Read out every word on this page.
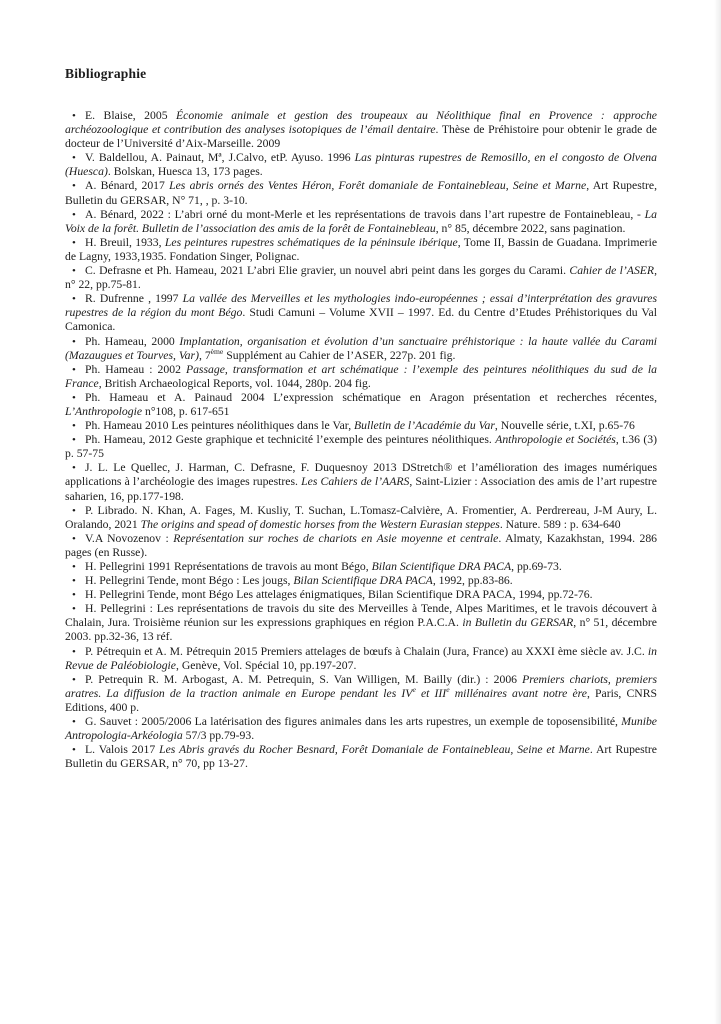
Bibliographie

• E. Blaise, 2005 Économie animale et gestion des troupeaux au Néolithique final en Provence : approche archéozoologique et contribution des analyses isotopiques de l’émail dentaire. Thèse de Préhistoire pour obtenir le grade de docteur de l’Université d’Aix-Marseille. 2009

• V. Baldellou, A. Painaut, Mª, J.Calvo, etP. Ayuso. 1996 Las pinturas rupestres de Remosillo, en el congosto de Olvena (Huesca). Bolskan, Huesca 13, 173 pages.

• A. Bénard, 2017 Les abris ornés des Ventes Héron, Forêt domaniale de Fontainebleau, Seine et Marne, Art Rupestre, Bulletin du GERSAR, N° 71, , p. 3-10.

• A. Bénard, 2022 : L’abri orné du mont-Merle et les représentations de travois dans l’art rupestre de Fontainebleau, - La Voix de la forêt. Bulletin de l’association des amis de la forêt de Fontainebleau, n° 85, décembre 2022, sans pagination.

• H. Breuil, 1933, Les peintures rupestres schématiques de la péninsule ibérique, Tome II, Bassin de Guadana. Imprimerie de Lagny, 1933,1935. Fondation Singer, Polignac.

• C. Defrasne et Ph. Hameau, 2021 L’abri Elie gravier, un nouvel abri peint dans les gorges du Carami. Cahier de l’ASER, n° 22, pp.75-81.

• R. Dufrenne , 1997 La vallée des Merveilles et les mythologies indo-européennes ; essai d’interprétation des gravures rupestres de la région du mont Bégo. Studi Camuni – Volume XVII – 1997. Ed. du Centre d’Etudes Préhistoriques du Val Camonica.

• Ph. Hameau, 2000 Implantation, organisation et évolution d’un sanctuaire préhistorique : la haute vallée du Carami (Mazaugues et Tourves, Var), 7ème Supplément au Cahier de l’ASER, 227p. 201 fig.

• Ph. Hameau : 2002 Passage, transformation et art schématique : l’exemple des peintures néolithiques du sud de la France, British Archaeological Reports, vol. 1044, 280p. 204 fig.

• Ph. Hameau et A. Painaud 2004 L’expression schématique en Aragon présentation et recherches récentes, L’Anthropologie n°108, p. 617-651

• Ph. Hameau 2010 Les peintures néolithiques dans le Var, Bulletin de l’Académie du Var, Nouvelle série, t.XI, p.65-76

• Ph. Hameau, 2012 Geste graphique et technicité l’exemple des peintures néolithiques. Anthropologie et Sociétés, t.36 (3) p. 57-75

• J. L. Le Quellec, J. Harman, C. Defrasne, F. Duquesnoy 2013 DStretch® et l’amélioration des images numériques applications à l’archéologie des images rupestres. Les Cahiers de l’AARS, Saint-Lizier : Association des amis de l’art rupestre saharien, 16, pp.177-198.

• P. Librado. N. Khan, A. Fages, M. Kusliy, T. Suchan, L.Tomasz-Calvière, A. Fromentier, A. Perdrereau, J-M Aury, L. Oralando, 2021 The origins and spead of domestic horses from the Western Eurasian steppes. Nature. 589 : p. 634-640

• V.A Novozenov : Représentation sur roches de chariots en Asie moyenne et centrale. Almaty, Kazakhstan, 1994. 286 pages (en Russe).

• H. Pellegrini 1991 Représentations de travois au mont Bégo, Bilan Scientifique DRA PACA, pp.69-73.

• H. Pellegrini Tende, mont Bégo : Les jougs, Bilan Scientifique DRA PACA, 1992, pp.83-86.

• H. Pellegrini Tende, mont Bégo Les attelages énigmatiques, Bilan Scientifique DRA PACA, 1994, pp.72-76.

• H. Pellegrini : Les représentations de travois du site des Merveilles à Tende, Alpes Maritimes, et le travois découvert à Chalain, Jura. Troisième réunion sur les expressions graphiques en région P.A.C.A. in Bulletin du GERSAR, n° 51, décembre 2003. pp.32-36, 13 réf.

• P. Pétrequin et A. M. Pétrequin 2015 Premiers attelages de bœufs à Chalain (Jura, France) au XXXI ème siècle av. J.C. in Revue de Paléobiologie, Genève, Vol. Spécial 10, pp.197-207.

• P. Petrequin R. M. Arbogast, A. M. Petrequin, S. Van Willigen, M. Bailly (dir.) : 2006 Premiers chariots, premiers aratres. La diffusion de la traction animale en Europe pendant les IVe et IIIe millénaires avant notre ère, Paris, CNRS Editions, 400 p.

• G. Sauvet : 2005/2006 La latérisation des figures animales dans les arts rupestres, un exemple de toposensibilité, Munibe Antropologia-Arkéologia 57/3 pp.79-93.

• L. Valois 2017 Les Abris gravés du Rocher Besnard, Forêt Domaniale de Fontainebleau, Seine et Marne. Art Rupestre Bulletin du GERSAR, n° 70, pp 13-27.
